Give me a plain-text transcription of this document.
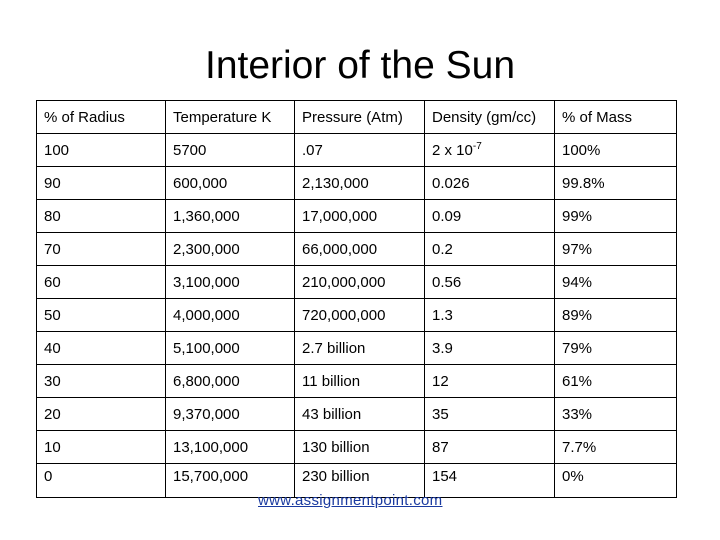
Interior of the Sun
% of Radius	Temperature K	Pressure (Atm)	Density (gm/cc)	% of Mass
100	5700	.07	2 x $10^{-7}$	100%
90	600,000	2,130,000	0.026	99.8%
80	1,360,000	17,000,000	0.09	99%
70	2,300,000	66,000,000	0.2	97%
60	3,100,000	210,000,000	0.56	94%
50	4,000,000	720,000,000	1.3	89%
40	5,100,000	2.7 billion	3.9	79%
30	6,800,000	11 billion	12	61%
20	9,370,000	43 billion	35	33%
10	13,100,000	130 billion	87	7.7%
0	15,700,000	230 billion	154	0%
www.assignmentpoint.com
